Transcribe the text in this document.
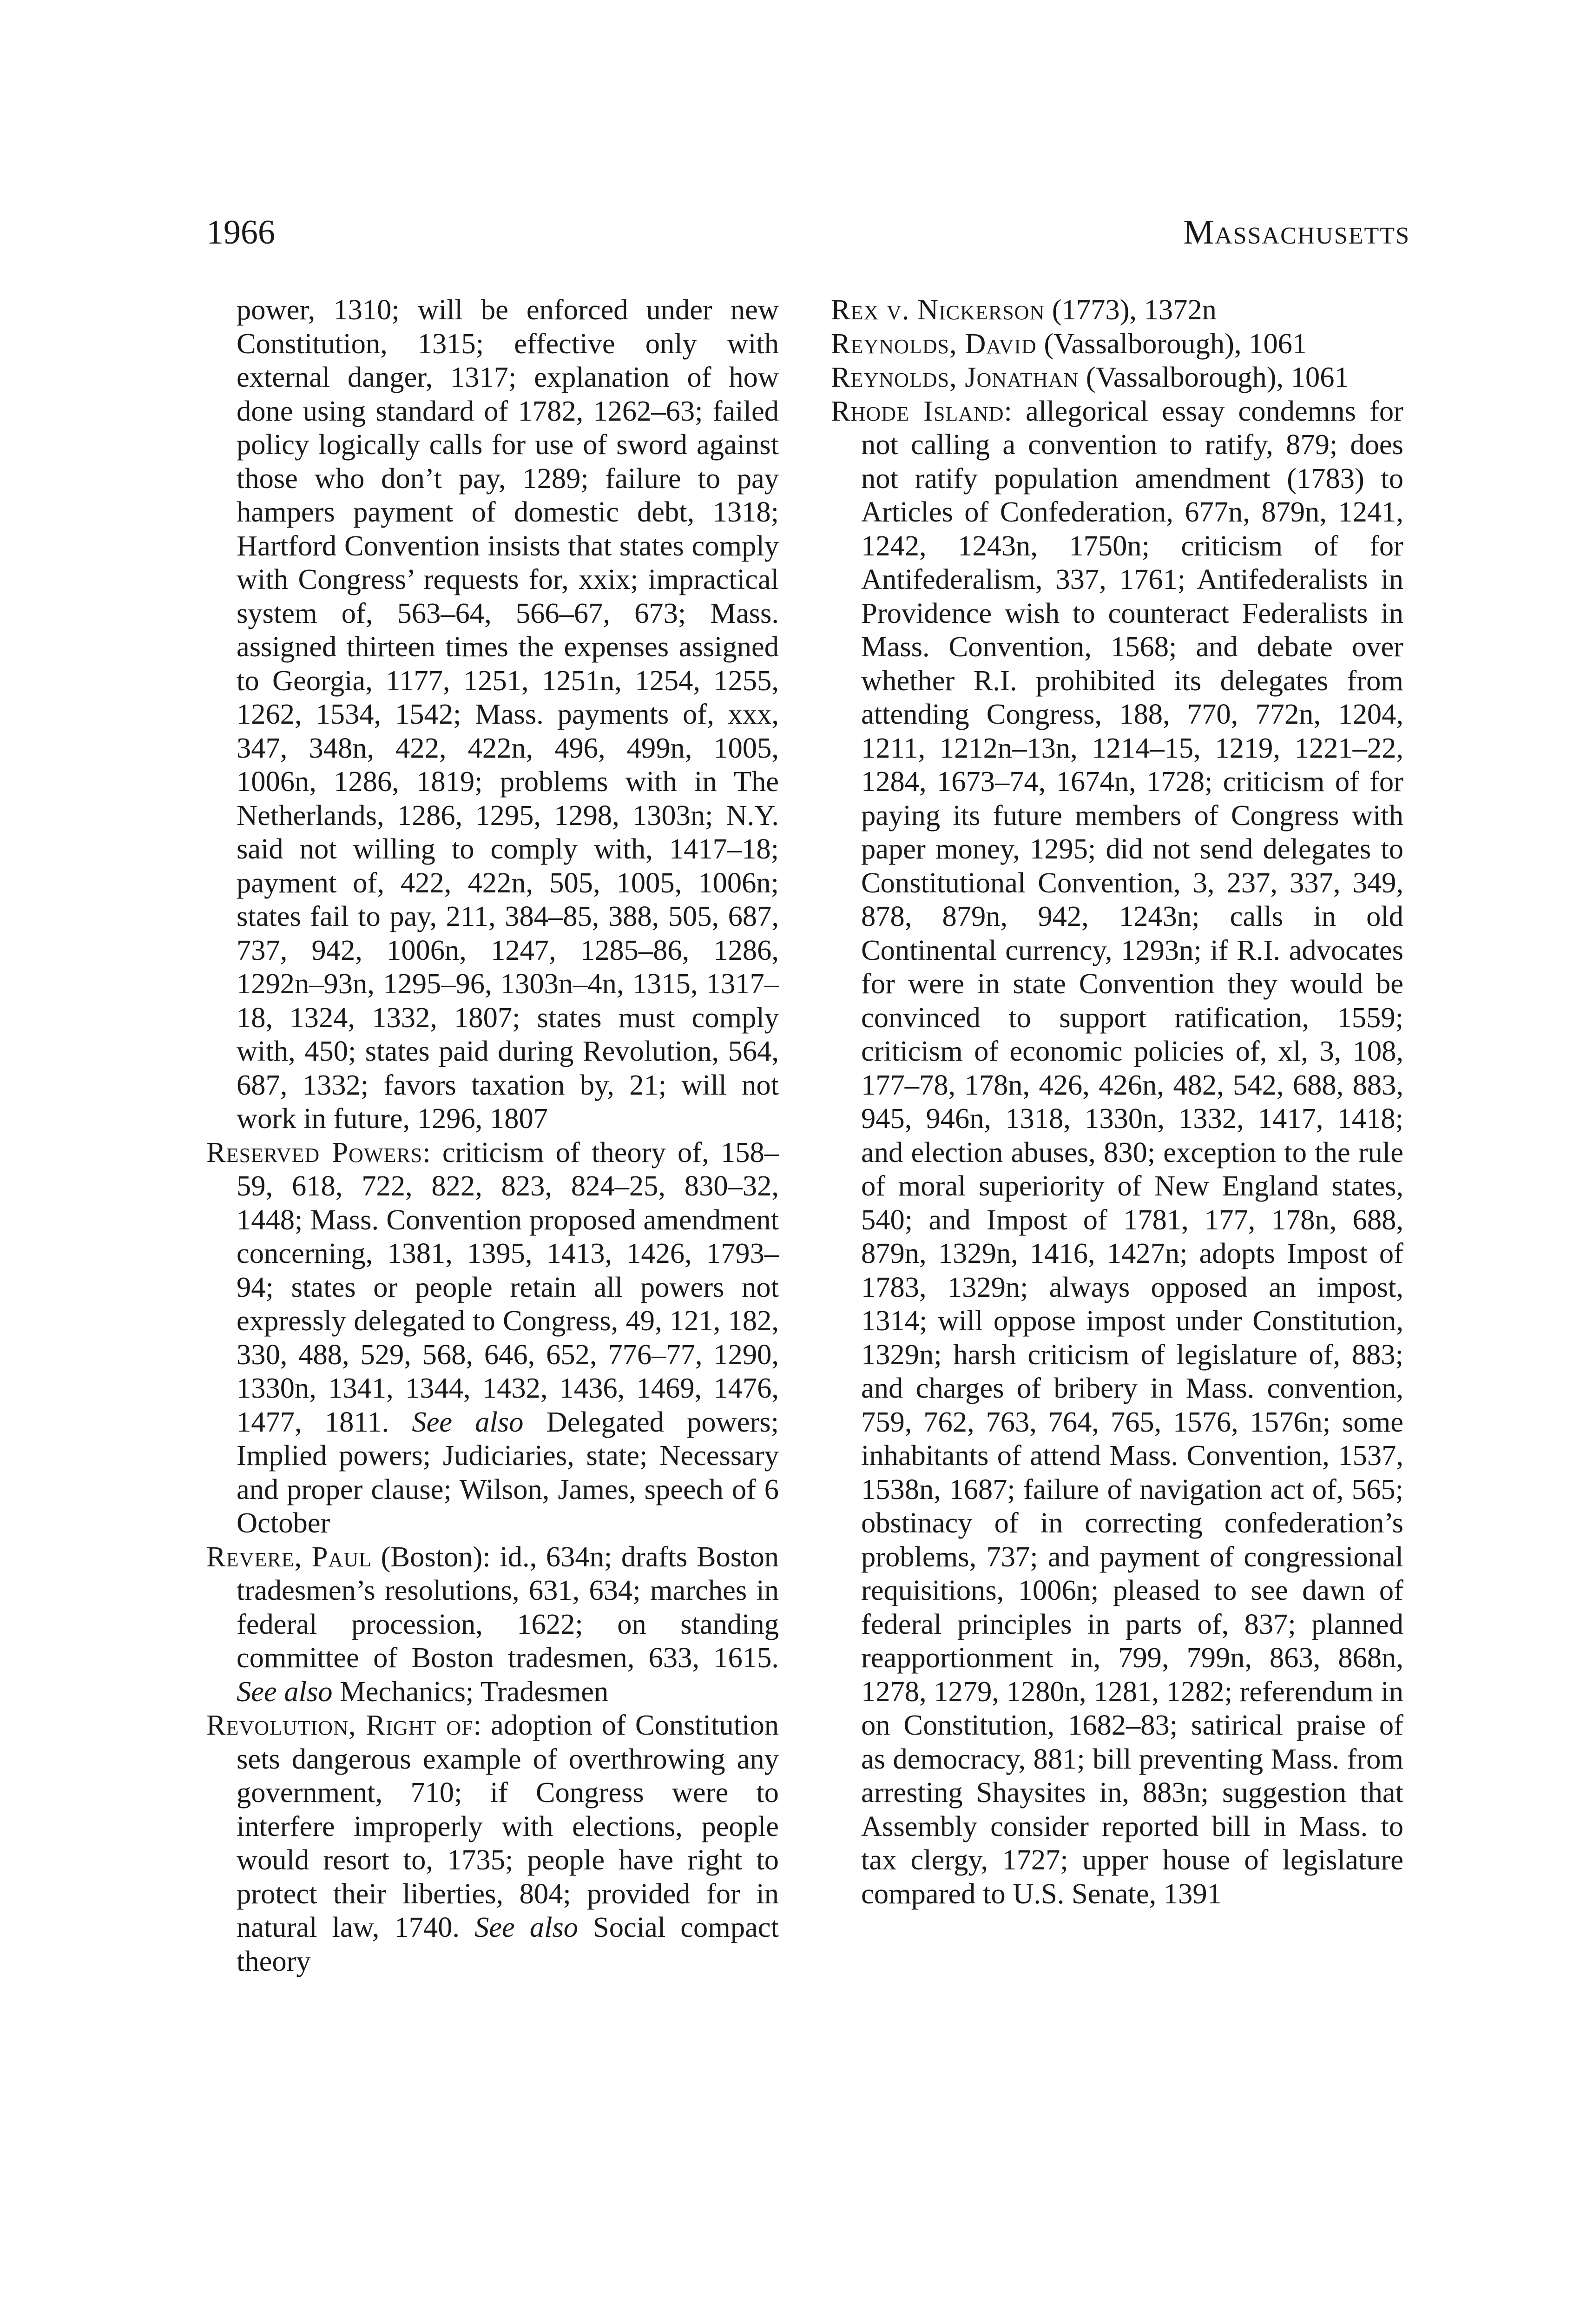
1966	Massachusetts

power, 1310; will be enforced under new Constitution, 1315; effective only with external danger, 1317; explanation of how done using standard of 1782, 1262–63; failed policy logically calls for use of sword against those who don’t pay, 1289; failure to pay hampers payment of domestic debt, 1318; Hartford Convention insists that states comply with Congress’ requests for, xxix; impractical system of, 563–64, 566–67, 673; Mass. assigned thirteen times the expenses assigned to Georgia, 1177, 1251, 1251n, 1254, 1255, 1262, 1534, 1542; Mass. payments of, xxx, 347, 348n, 422, 422n, 496, 499n, 1005, 1006n, 1286, 1819; problems with in The Netherlands, 1286, 1295, 1298, 1303n; N.Y. said not willing to comply with, 1417–18; payment of, 422, 422n, 505, 1005, 1006n; states fail to pay, 211, 384–85, 388, 505, 687, 737, 942, 1006n, 1247, 1285–86, 1286, 1292n–93n, 1295–96, 1303n–4n, 1315, 1317–18, 1324, 1332, 1807; states must comply with, 450; states paid during Revolution, 564, 687, 1332; favors taxation by, 21; will not work in future, 1296, 1807

Reserved Powers: criticism of theory of, 158–59, 618, 722, 822, 823, 824–25, 830–32, 1448; Mass. Convention proposed amendment concerning, 1381, 1395, 1413, 1426, 1793–94; states or people retain all powers not expressly delegated to Congress, 49, 121, 182, 330, 488, 529, 568, 646, 652, 776–77, 1290, 1330n, 1341, 1344, 1432, 1436, 1469, 1476, 1477, 1811. See also Delegated powers; Implied powers; Judiciaries, state; Necessary and proper clause; Wilson, James, speech of 6 October

Revere, Paul (Boston): id., 634n; drafts Boston tradesmen’s resolutions, 631, 634; marches in federal procession, 1622; on standing committee of Boston tradesmen, 633, 1615. See also Mechanics; Tradesmen

Revolution, Right of: adoption of Constitution sets dangerous example of overthrowing any government, 710; if Congress were to interfere improperly with elections, people would resort to, 1735; people have right to protect their liberties, 804; provided for in natural law, 1740. See also Social compact theory

Rex v. Nickerson (1773), 1372n

Reynolds, David (Vassalborough), 1061

Reynolds, Jonathan (Vassalborough), 1061

Rhode Island: allegorical essay condemns for not calling a convention to ratify, 879; does not ratify population amendment (1783) to Articles of Confederation, 677n, 879n, 1241, 1242, 1243n, 1750n; criticism of for Antifederalism, 337, 1761; Antifederalists in Providence wish to counteract Federalists in Mass. Convention, 1568; and debate over whether R.I. prohibited its delegates from attending Congress, 188, 770, 772n, 1204, 1211, 1212n–13n, 1214–15, 1219, 1221–22, 1284, 1673–74, 1674n, 1728; criticism of for paying its future members of Congress with paper money, 1295; did not send delegates to Constitutional Convention, 3, 237, 337, 349, 878, 879n, 942, 1243n; calls in old Continental currency, 1293n; if R.I. advocates for were in state Convention they would be convinced to support ratification, 1559; criticism of economic policies of, xl, 3, 108, 177–78, 178n, 426, 426n, 482, 542, 688, 883, 945, 946n, 1318, 1330n, 1332, 1417, 1418; and election abuses, 830; exception to the rule of moral superiority of New England states, 540; and Impost of 1781, 177, 178n, 688, 879n, 1329n, 1416, 1427n; adopts Impost of 1783, 1329n; always opposed an impost, 1314; will oppose impost under Constitution, 1329n; harsh criticism of legislature of, 883; and charges of bribery in Mass. convention, 759, 762, 763, 764, 765, 1576, 1576n; some inhabitants of attend Mass. Convention, 1537, 1538n, 1687; failure of navigation act of, 565; obstinacy of in correcting confederation’s problems, 737; and payment of congressional requisitions, 1006n; pleased to see dawn of federal principles in parts of, 837; planned reapportionment in, 799, 799n, 863, 868n, 1278, 1279, 1280n, 1281, 1282; referendum in on Constitution, 1682–83; satirical praise of as democracy, 881; bill preventing Mass. from arresting Shaysites in, 883n; suggestion that Assembly consider reported bill in Mass. to tax clergy, 1727; upper house of legislature compared to U.S. Senate, 1391
